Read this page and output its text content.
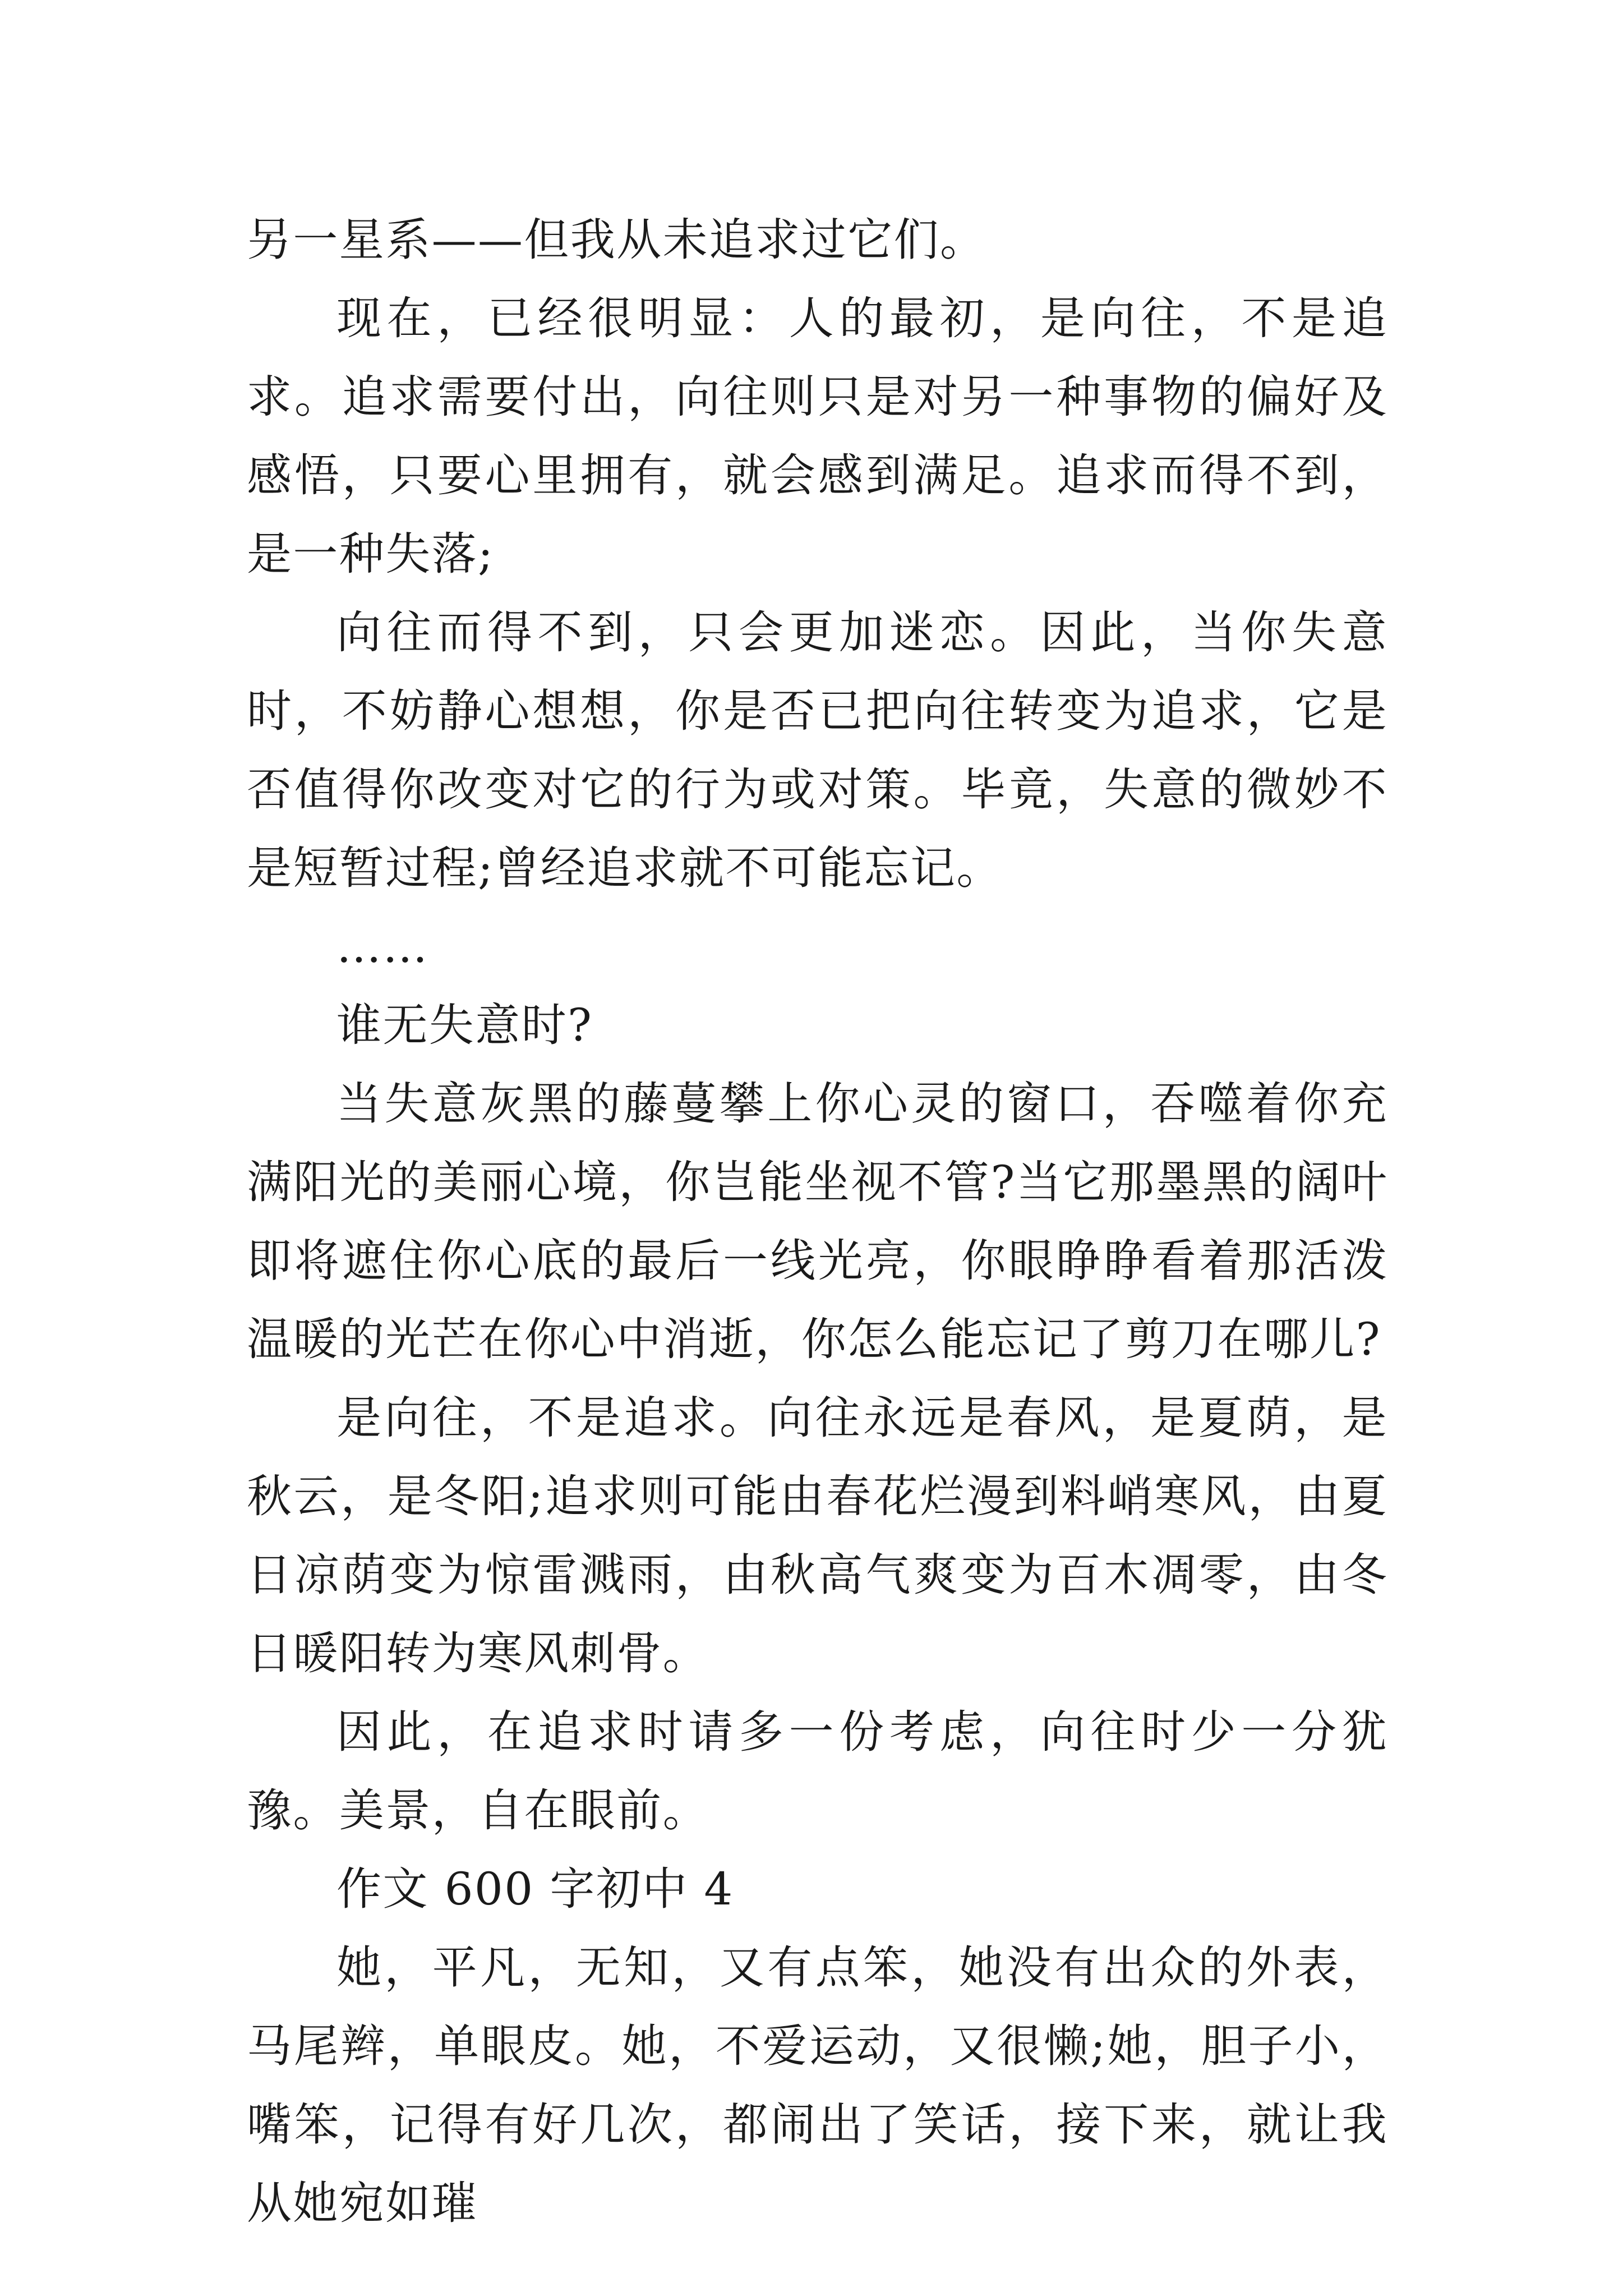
另一星系——但我从未追求过它们。

现在，已经很明显：人的最初，是向往，不是追求。追求需要付出，向往则只是对另一种事物的偏好及感悟，只要心里拥有，就会感到满足。追求而得不到，是一种失落;

向往而得不到，只会更加迷恋。因此，当你失意时，不妨静心想想，你是否已把向往转变为追求，它是否值得你改变对它的行为或对策。毕竟，失意的微妙不是短暂过程;曾经追求就不可能忘记。

……

谁无失意时?

当失意灰黑的藤蔓攀上你心灵的窗口，吞噬着你充满阳光的美丽心境，你岂能坐视不管?当它那墨黑的阔叶即将遮住你心底的最后一线光亮，你眼睁睁看着那活泼温暖的光芒在你心中消逝，你怎么能忘记了剪刀在哪儿?

是向往，不是追求。向往永远是春风，是夏荫，是秋云，是冬阳;追求则可能由春花烂漫到料峭寒风，由夏日凉荫变为惊雷溅雨，由秋高气爽变为百木凋零，由冬日暖阳转为寒风刺骨。

因此，在追求时请多一份考虑，向往时少一分犹豫。美景，自在眼前。

作文 600 字初中 4

她，平凡，无知，又有点笨，她没有出众的外表，马尾辫，单眼皮。她，不爱运动，又很懒;她，胆子小，嘴笨，记得有好几次，都闹出了笑话，接下来，就让我从她宛如璀
